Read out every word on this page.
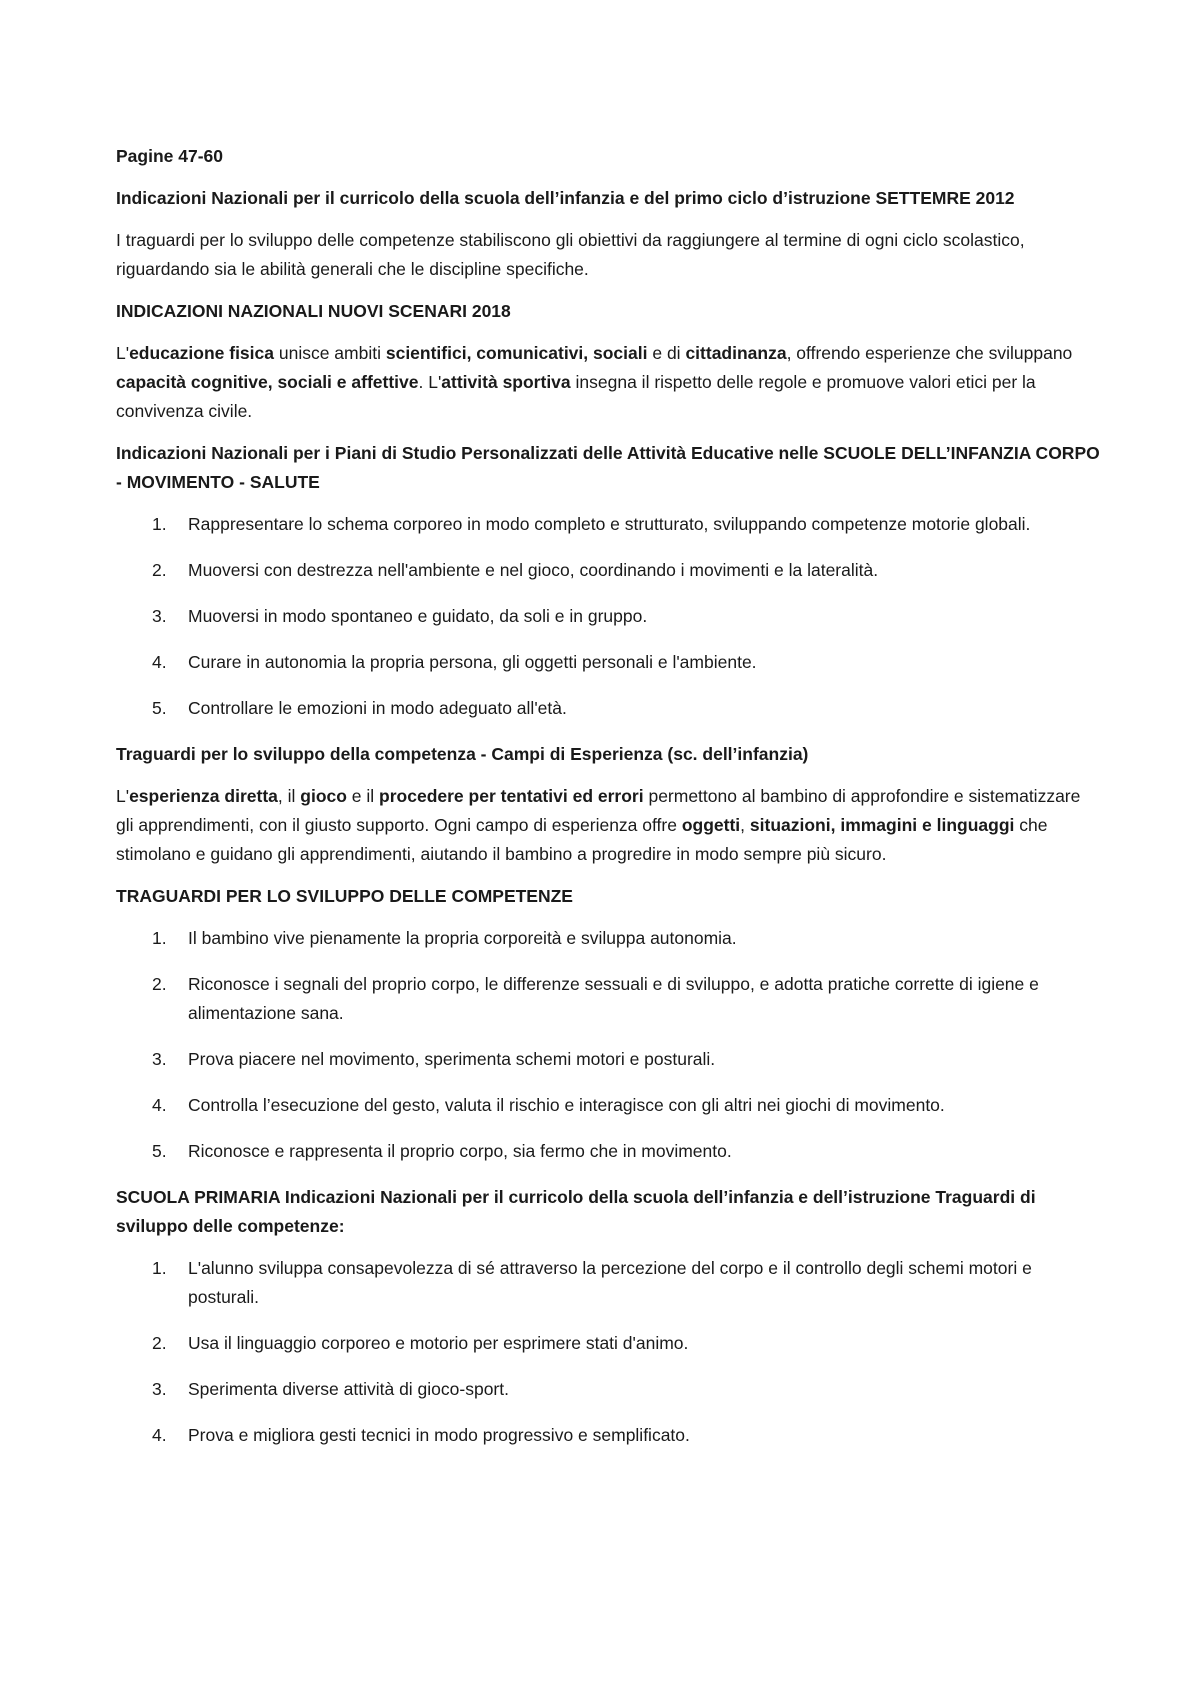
Pagine 47-60
Indicazioni Nazionali per il curricolo della scuola dell’infanzia e del primo ciclo d’istruzione SETTEMRE 2012
I traguardi per lo sviluppo delle competenze stabiliscono gli obiettivi da raggiungere al termine di ogni ciclo scolastico, riguardando sia le abilità generali che le discipline specifiche.
INDICAZIONI NAZIONALI NUOVI SCENARI 2018
L'educazione fisica unisce ambiti scientifici, comunicativi, sociali e di cittadinanza, offrendo esperienze che sviluppano capacità cognitive, sociali e affettive. L'attività sportiva insegna il rispetto delle regole e promuove valori etici per la convivenza civile.
Indicazioni Nazionali per i Piani di Studio Personalizzati delle Attività Educative nelle SCUOLE DELL’INFANZIA CORPO - MOVIMENTO - SALUTE
1.	Rappresentare lo schema corporeo in modo completo e strutturato, sviluppando competenze motorie globali.
2.	Muoversi con destrezza nell'ambiente e nel gioco, coordinando i movimenti e la lateralità.
3.	Muoversi in modo spontaneo e guidato, da soli e in gruppo.
4.	Curare in autonomia la propria persona, gli oggetti personali e l'ambiente.
5.	Controllare le emozioni in modo adeguato all'età.
Traguardi per lo sviluppo della competenza - Campi di Esperienza (sc. dell’infanzia)
L'esperienza diretta, il gioco e il procedere per tentativi ed errori permettono al bambino di approfondire e sistematizzare gli apprendimenti, con il giusto supporto. Ogni campo di esperienza offre oggetti, situazioni, immagini e linguaggi che stimolano e guidano gli apprendimenti, aiutando il bambino a progredire in modo sempre più sicuro.
TRAGUARDI PER LO SVILUPPO DELLE COMPETENZE
1.	Il bambino vive pienamente la propria corporeità e sviluppa autonomia.
2.	Riconosce i segnali del proprio corpo, le differenze sessuali e di sviluppo, e adotta pratiche corrette di igiene e alimentazione sana.
3.	Prova piacere nel movimento, sperimenta schemi motori e posturali.
4.	Controlla l’esecuzione del gesto, valuta il rischio e interagisce con gli altri nei giochi di movimento.
5.	Riconosce e rappresenta il proprio corpo, sia fermo che in movimento.
SCUOLA PRIMARIA Indicazioni Nazionali per il curricolo della scuola dell’infanzia e dell’istruzione Traguardi di sviluppo delle competenze:
1.	L'alunno sviluppa consapevolezza di sé attraverso la percezione del corpo e il controllo degli schemi motori e posturali.
2.	Usa il linguaggio corporeo e motorio per esprimere stati d'animo.
3.	Sperimenta diverse attività di gioco-sport.
4.	Prova e migliora gesti tecnici in modo progressivo e semplificato.
